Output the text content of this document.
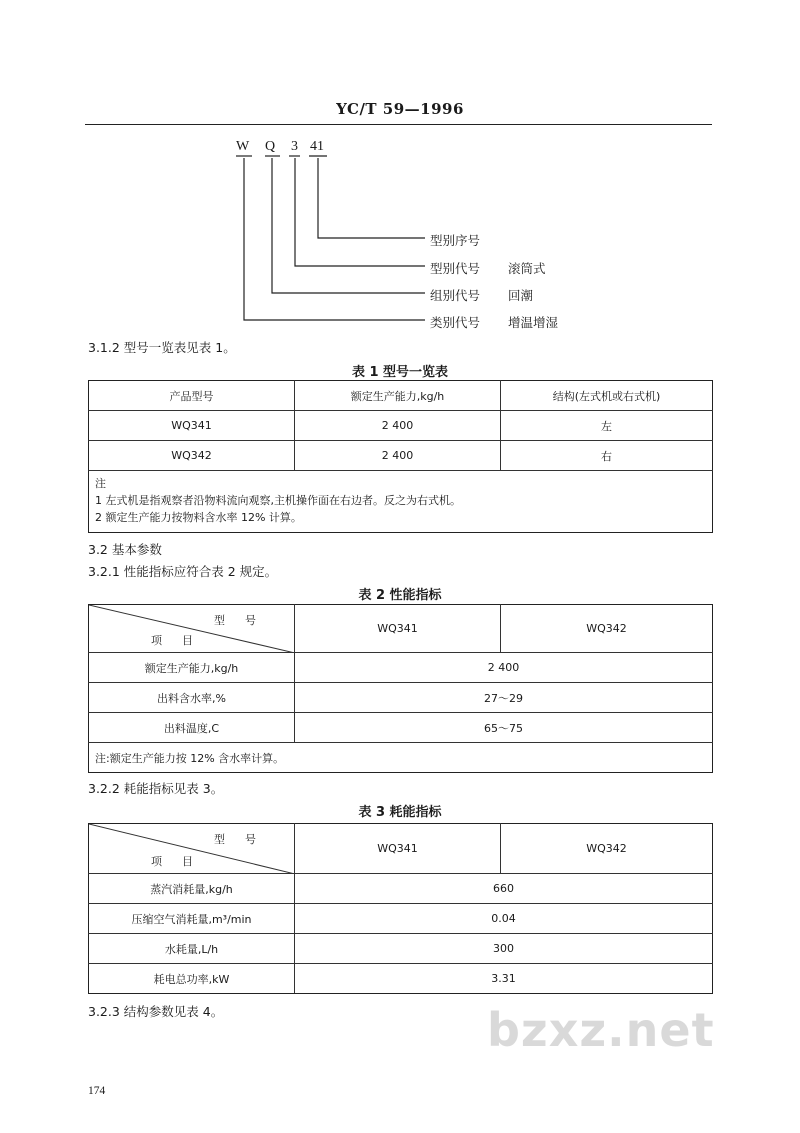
YC/T 59—1996
W Q 3 41
型别序号
型别代号 滚筒式
组别代号 回潮
类别代号 增温增湿
3.1.2 型号一览表见表 1。
表 1 型号一览表
产品型号	额定生产能力,kg/h	结构(左式机或右式机)
WQ341	2 400	左
WQ342	2 400	右

注
1 左式机是指观察者沿物料流向观察,主机操作面在右边者。反之为右式机。
2 额定生产能力按物料含水率 12% 计算。		
3.2 基本参数
3.2.1 性能指标应符合表 2 规定。
表 2 性能指标
型号
项目	WQ341	WQ342
额定生产能力,kg/h	2 400	
出料含水率,%	27～29	
出料温度,C	65～75	
注:额定生产能力按 12% 含水率计算。		
3.2.2 耗能指标见表 3。
表 3 耗能指标
型号
项目	WQ341	WQ342
蒸汽消耗量,kg/h	660	
压缩空气消耗量,m³/min	0.04	
水耗量,L/h	300	
耗电总功率,kW	3.31	
3.2.3 结构参数见表 4。	bzxz.net
174
